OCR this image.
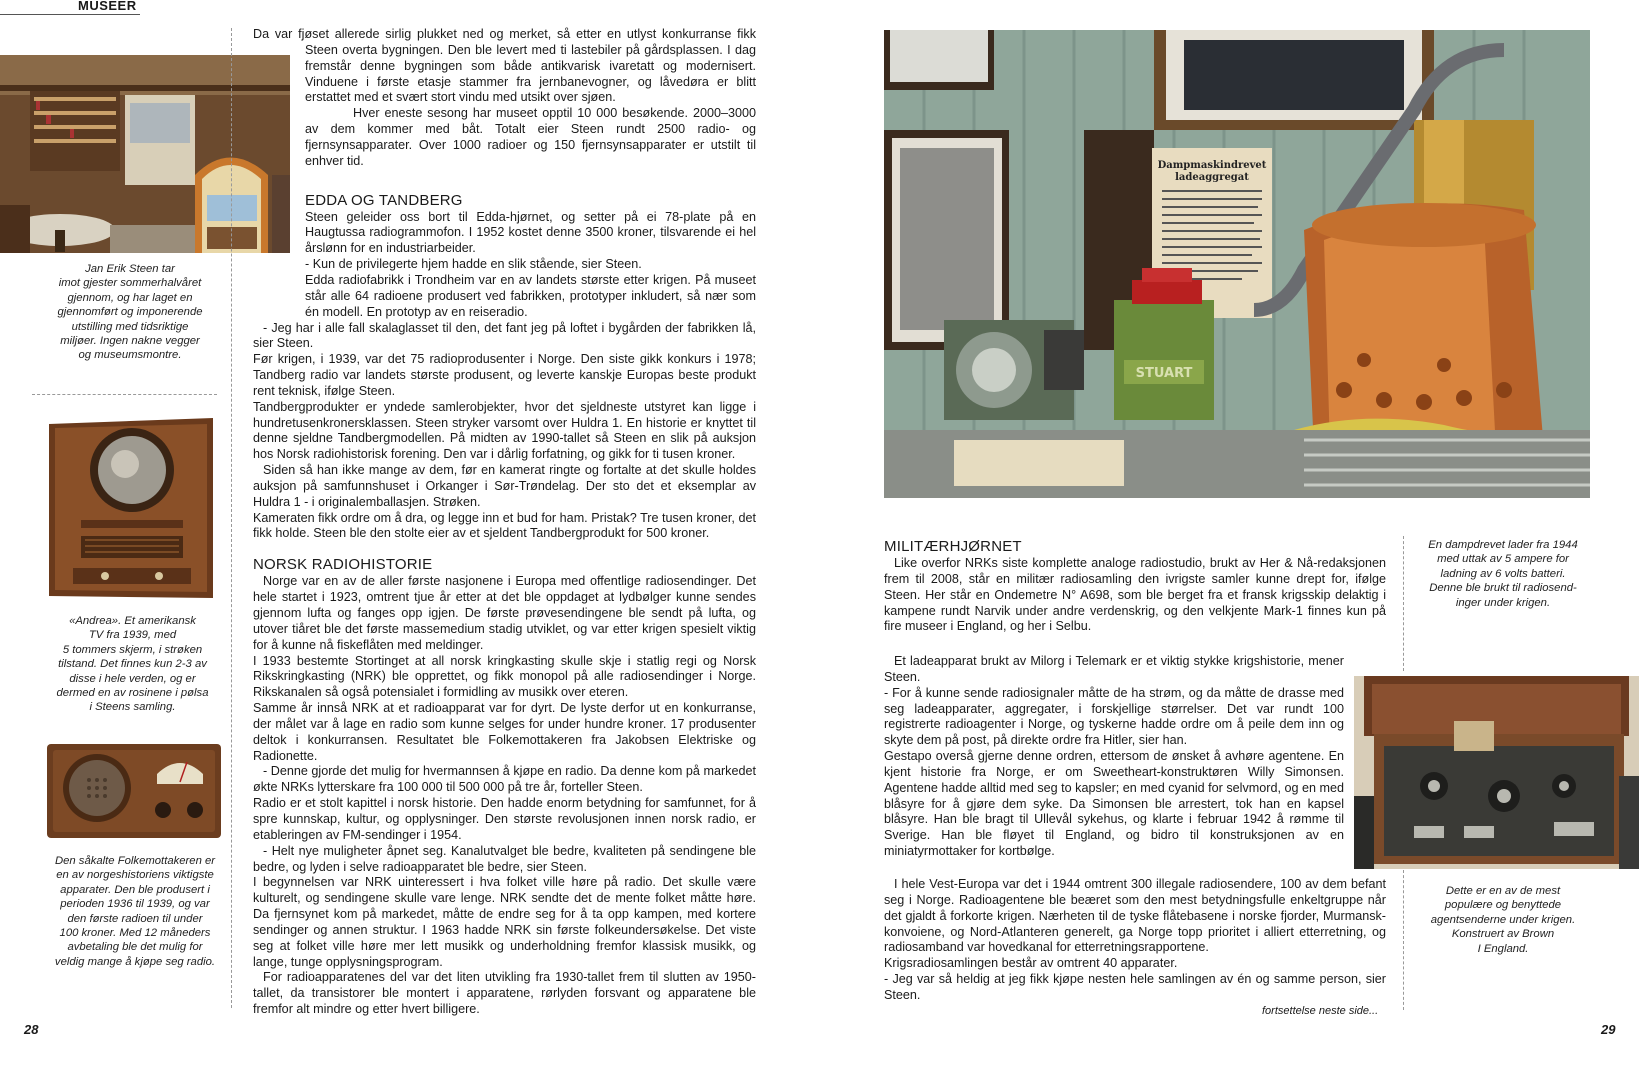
MUSEER
Jan Erik Steen tar
imot gjester sommerhalvåret
gjennom, og har laget en
gjennomført og imponerende
utstilling med tidsriktige
miljøer. Ingen nakne vegger
og museumsmontre.
«Andrea». Et amerikansk
TV fra 1939, med
5 tommers skjerm, i strøken
tilstand. Det finnes kun 2-3 av
disse i hele verden, og er
dermed en av rosinene i pølsa
i Steens samling.
Den såkalte Folkemottakeren er
en av norgeshistoriens viktigste
apparater. Den ble produsert i
perioden 1936 til 1939, og var
den første radioen til under
100 kroner. Med 12 måneders
avbetaling ble det mulig for
veldig mange å kjøpe seg radio.
28

Da var fjøset allerede sirlig plukket ned og merket, så etter en utlyst konkurranse fikk Steen overta bygningen. Den ble levert med ti lastebiler på gårdsplassen. I dag fremstår denne bygningen som både antikvarisk ivaretatt og modernisert. Vinduene i første etasje stammer fra jernbanevogner, og låvedøra er blitt erstattet med et svært stort vindu med utsikt over sjøen.

Hver eneste sesong har museet opptil 10 000 besøkende. 2000–3000 av dem kommer med båt. Totalt eier Steen rundt 2500 radio- og fjernsynsapparater. Over 1000 radioer og 150 fjernsynsapparater er utstilt til enhver tid.

EDDA OG TANDBERG

Steen geleider oss bort til Edda-hjørnet, og setter på ei 78-plate på en Haugtussa radiogrammofon. I 1952 kostet denne 3500 kroner, tilsvarende ei hel årslønn for en industriarbeider.

- Kun de privilegerte hjem hadde en slik stående, sier Steen.

Edda radiofabrikk i Trondheim var en av landets største etter krigen. På museet står alle 64 radioene produsert ved fabrikken, prototyper inkludert, så nær som én modell. En prototyp av en reiseradio.

- Jeg har i alle fall skalaglasset til den, det fant jeg på loftet i bygården der fabrikken lå, sier Steen.

Før krigen, i 1939, var det 75 radioprodusenter i Norge. Den siste gikk konkurs i 1978; Tandberg radio var landets største produsent, og leverte kanskje Europas beste produkt rent teknisk, ifølge Steen.

Tandbergprodukter er yndede samlerobjekter, hvor det sjeldneste utstyret kan ligge i hundretusenkronersklassen. Steen stryker varsomt over Huldra 1. En historie er knyttet til denne sjeldne Tandbergmodellen. På midten av 1990-tallet så Steen en slik på auksjon hos Norsk radiohistorisk forening. Den var i dårlig forfatning, og gikk for ti tusen kroner.

Siden så han ikke mange av dem, før en kamerat ringte og fortalte at det skulle holdes auksjon på samfunnshuset i Orkanger i Sør-Trøndelag. Der sto det et eksemplar av Huldra 1 - i originalemballasjen. Strøken.

Kameraten fikk ordre om å dra, og legge inn et bud for ham. Pristak? Tre tusen kroner, det fikk holde. Steen ble den stolte eier av et sjeldent Tandbergprodukt for 500 kroner.

NORSK RADIOHISTORIE

Norge var en av de aller første nasjonene i Europa med offentlige radiosendinger. Det hele startet i 1923, omtrent tjue år etter at det ble oppdaget at lydbølger kunne sendes gjennom lufta og fanges opp igjen. De første prøvesendingene ble sendt på lufta, og utover tiåret ble det første massemedium stadig utviklet, og var etter krigen spesielt viktig for å kunne nå fiskeflåten med meldinger.

I 1933 bestemte Stortinget at all norsk kringkasting skulle skje i statlig regi og Norsk Rikskringkasting (NRK) ble opprettet, og fikk monopol på alle radiosendinger i Norge. Rikskanalen så også potensialet i formidling av musikk over eteren.

Samme år innså NRK at et radioapparat var for dyrt. De lyste derfor ut en konkurranse, der målet var å lage en radio som kunne selges for under hundre kroner. 17 produsenter deltok i konkurransen. Resultatet ble Folkemottakeren fra Jakobsen Elektriske og Radionette.

- Denne gjorde det mulig for hvermannsen å kjøpe en radio. Da denne kom på markedet økte NRKs lytterskare fra 100 000 til 500 000 på tre år, forteller Steen.

Radio er et stolt kapittel i norsk historie. Den hadde enorm betydning for samfunnet, for å spre kunnskap, kultur, og opplysninger. Den største revolusjonen innen norsk radio, er etableringen av FM-sendinger i 1954.

- Helt nye muligheter åpnet seg. Kanalutvalget ble bedre, kvaliteten på sendingene ble bedre, og lyden i selve radioapparatet ble bedre, sier Steen.

I begynnelsen var NRK uinteressert i hva folket ville høre på radio. Det skulle være kulturelt, og sendingene skulle vare lenge. NRK sendte det de mente folket måtte høre. Da fjernsynet kom på markedet, måtte de endre seg for å ta opp kampen, med kortere sendinger og annen struktur. I 1963 hadde NRK sin første folkeundersøkelse. Det viste seg at folket ville høre mer lett musikk og underholdning fremfor klassisk musikk, og lange, tunge opplysningsprogram.

For radioapparatenes del var det liten utvikling fra 1930-tallet frem til slutten av 1950-tallet, da transistorer ble montert i apparatene, rørlyden forsvant og apparatene ble fremfor alt mindre og etter hvert billigere.

Dampmaskindrevet
ladeaggregat
STUART
En dampdrevet lader fra 1944
med uttak av 5 ampere for
ladning av 6 volts batteri.
Denne ble brukt til radiosend-
inger under krigen.
Dette er en av de mest
populære og benyttede
agentsenderne under krigen.
Konstruert av Brown
I England.
MILITÆRHJØRNET

Like overfor NRKs siste komplette analoge radiostudio, brukt av Her & Nå-redaksjonen frem til 2008, står en militær radiosamling den ivrigste samler kunne drept for, ifølge Steen. Her står en Ondemetre N° A698, som ble berget fra et fransk krigsskip delaktig i kampene rundt Narvik under andre verdenskrig, og den velkjente Mark-1 finnes kun på fire museer i England, og her i Selbu.

Et ladeapparat brukt av Milorg i Telemark er et viktig stykke krigshistorie, mener Steen.

- For å kunne sende radiosignaler måtte de ha strøm, og da måtte de drasse med seg ladeapparater, aggregater, i forskjellige størrelser. Det var rundt 100 registrerte radioagenter i Norge, og tyskerne hadde ordre om å peile dem inn og skyte dem på post, på direkte ordre fra Hitler, sier han.

Gestapo overså gjerne denne ordren, ettersom de ønsket å avhøre agentene. En kjent historie fra Norge, er om Sweetheart-konstruktøren Willy Simonsen. Agentene hadde alltid med seg to kapsler; en med cyanid for selvmord, og en med blåsyre for å gjøre dem syke. Da Simonsen ble arrestert, tok han en kapsel blåsyre. Han ble bragt til Ullevål sykehus, og klarte i februar 1942 å rømme til Sverige. Han ble fløyet til England, og bidro til konstruksjonen av en miniatyrmottaker for kortbølge.

I hele Vest-Europa var det i 1944 omtrent 300 illegale radiosendere, 100 av dem befant seg i Norge. Radioagentene ble beæret som den mest betydningsfulle enkeltgruppe når det gjaldt å forkorte krigen. Nærheten til de tyske flåtebasene i norske fjorder, Murmansk-konvoiene, og Nord-Atlanteren generelt, ga Norge topp prioritet i alliert etterretning, og radiosamband var hovedkanal for etterretningsrapportene.

Krigsradiosamlingen består av omtrent 40 apparater.

- Jeg var så heldig at jeg fikk kjøpe nesten hele samlingen av én og samme person, sier Steen.

fortsettelse neste side...
29
